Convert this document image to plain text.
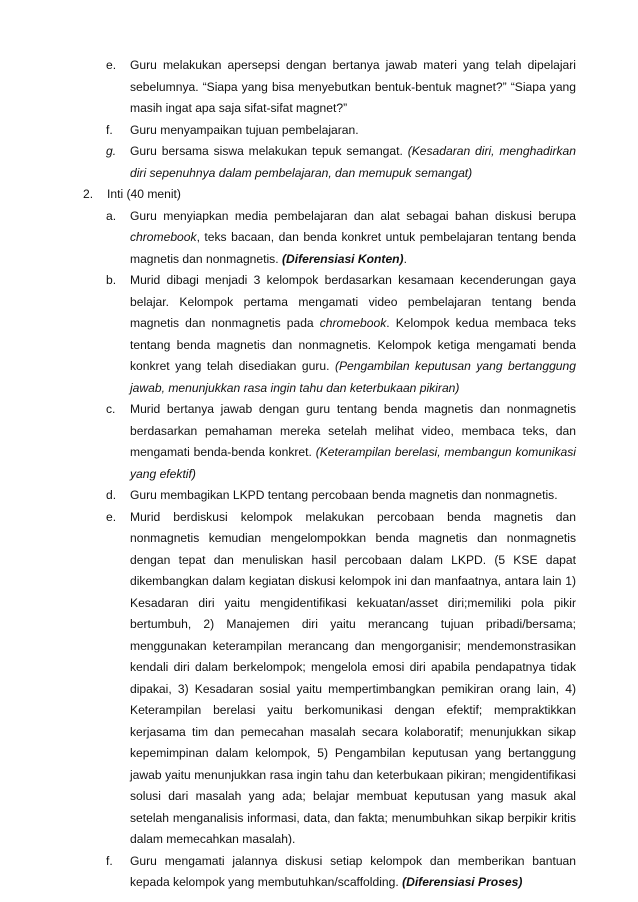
e. Guru melakukan apersepsi dengan bertanya jawab materi yang telah dipelajari sebelumnya. “Siapa yang bisa menyebutkan bentuk-bentuk magnet?” “Siapa yang masih ingat apa saja sifat-sifat magnet?”
f. Guru menyampaikan tujuan pembelajaran.
g. Guru bersama siswa melakukan tepuk semangat. (Kesadaran diri, menghadirkan diri sepenuhnya dalam pembelajaran, dan memupuk semangat)
2. Inti (40 menit)
a. Guru menyiapkan media pembelajaran dan alat sebagai bahan diskusi berupa chromebook, teks bacaan, dan benda konkret untuk pembelajaran tentang benda magnetis dan nonmagnetis. (Diferensiasi Konten).
b. Murid dibagi menjadi 3 kelompok berdasarkan kesamaan kecenderungan gaya belajar. Kelompok pertama mengamati video pembelajaran tentang benda magnetis dan nonmagnetis pada chromebook. Kelompok kedua membaca teks tentang benda magnetis dan nonmagnetis. Kelompok ketiga mengamati benda konkret yang telah disediakan guru. (Pengambilan keputusan yang bertanggung jawab, menunjukkan rasa ingin tahu dan keterbukaan pikiran)
c. Murid bertanya jawab dengan guru tentang benda magnetis dan nonmagnetis berdasarkan pemahaman mereka setelah melihat video, membaca teks, dan mengamati benda-benda konkret. (Keterampilan berelasi, membangun komunikasi yang efektif)
d. Guru membagikan LKPD tentang percobaan benda magnetis dan nonmagnetis.
e. Murid berdiskusi kelompok melakukan percobaan benda magnetis dan nonmagnetis kemudian mengelompokkan benda magnetis dan nonmagnetis dengan tepat dan menuliskan hasil percobaan dalam LKPD. (5 KSE dapat dikembangkan dalam kegiatan diskusi kelompok ini dan manfaatnya, antara lain 1) Kesadaran diri yaitu mengidentifikasi kekuatan/asset diri;memiliki pola pikir bertumbuh, 2) Manajemen diri yaitu merancang tujuan pribadi/bersama; menggunakan keterampilan merancang dan mengorganisir; mendemonstrasikan kendali diri dalam berkelompok; mengelola emosi diri apabila pendapatnya tidak dipakai, 3) Kesadaran sosial yaitu mempertimbangkan pemikiran orang lain, 4) Keterampilan berelasi yaitu berkomunikasi dengan efektif; mempraktikkan kerjasama tim dan pemecahan masalah secara kolaboratif; menunjukkan sikap kepemimpinan dalam kelompok, 5) Pengambilan keputusan yang bertanggung jawab yaitu menunjukkan rasa ingin tahu dan keterbukaan pikiran; mengidentifikasi solusi dari masalah yang ada; belajar membuat keputusan yang masuk akal setelah menganalisis informasi, data, dan fakta; menumbuhkan sikap berpikir kritis dalam memecahkan masalah).
f. Guru mengamati jalannya diskusi setiap kelompok dan memberikan bantuan kepada kelompok yang membutuhkan/scaffolding. (Diferensiasi Proses)
